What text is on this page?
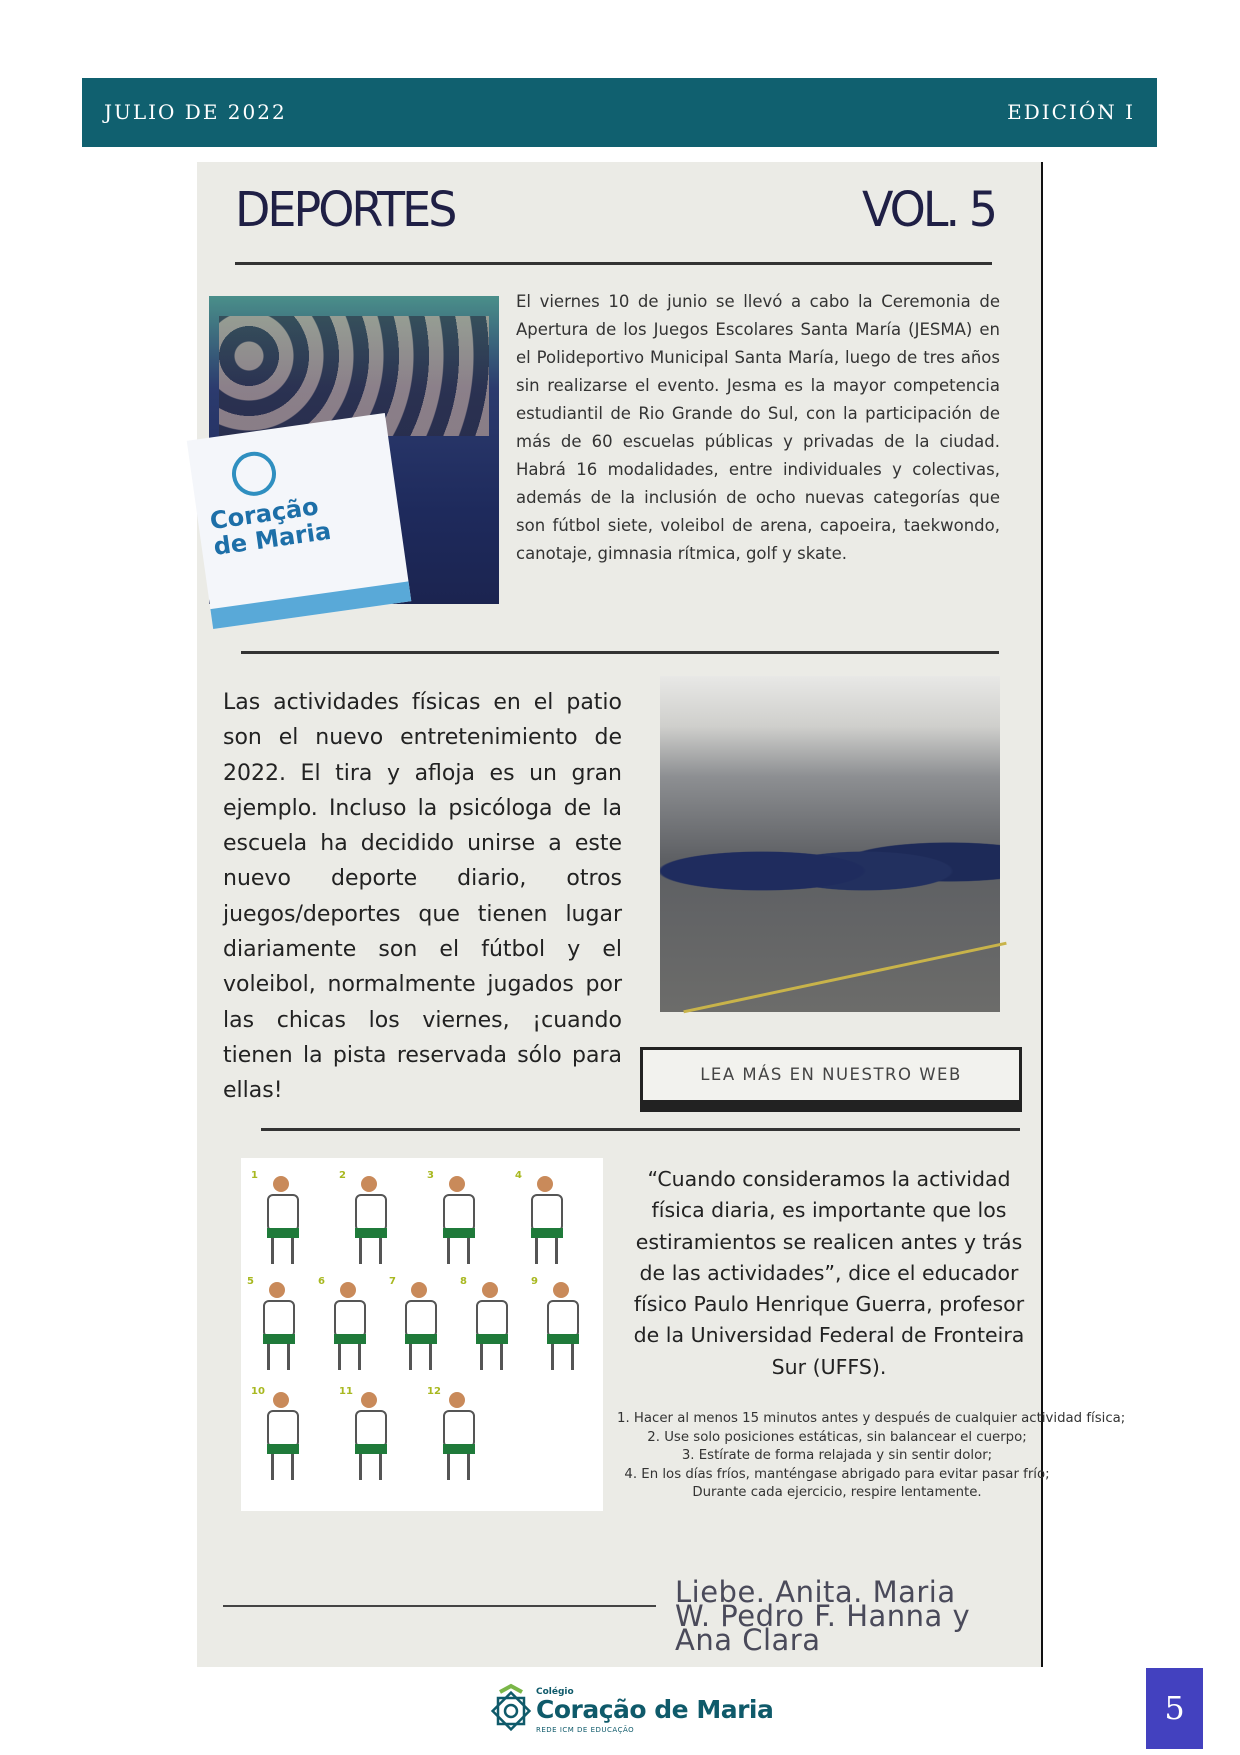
JULIO DE 2022	EDICIÓN I
DEPORTES	VOL. 5
Coração de Maria
El viernes 10 de junio se llevó a cabo la Ceremonia de Apertura de los Juegos Escolares Santa María (JESMA) en el Polideportivo Municipal Santa María, luego de tres años sin realizarse el evento. Jesma es la mayor competencia estudiantil de Rio Grande do Sul, con la participación de más de 60 escuelas públicas y privadas de la ciudad. Habrá 16 modalidades, entre individuales y colectivas, además de la inclusión de ocho nuevas categorías que son fútbol siete, voleibol de arena, capoeira, taekwondo, canotaje, gimnasia rítmica, golf y skate.
Las actividades físicas en el patio son el nuevo entretenimiento de 2022. El tira y afloja es un gran ejemplo. Incluso la psicóloga de la escuela ha decidido unirse a este nuevo deporte diario, otros juegos/deportes que tienen lugar diariamente son el fútbol y el voleibol, normalmente jugados por las chicas los viernes, ¡cuando tienen la pista reservada sólo para ellas!
LEA MÁS EN NUESTRO WEB
1	2	3	4
5	6	7	8	9
10	11	12
“Cuando consideramos la actividad física diaria, es importante que los estiramientos se realicen antes y trás de las actividades”, dice el educador físico Paulo Henrique Guerra, profesor de la Universidad Federal de Fronteira Sur (UFFS).
1. Hacer al menos 15 minutos antes y después de cualquier actividad física;
2. Use solo posiciones estáticas, sin balancear el cuerpo;
3. Estírate de forma relajada y sin sentir dolor;
4. En los días fríos, manténgase abrigado para evitar pasar frío;
Durante cada ejercicio, respire lentamente.
Liebe. Anita. Maria W. Pedro F. Hanna y Ana Clara
Colégio
Coração de Maria
REDE ICM DE EDUCAÇÃO
5
